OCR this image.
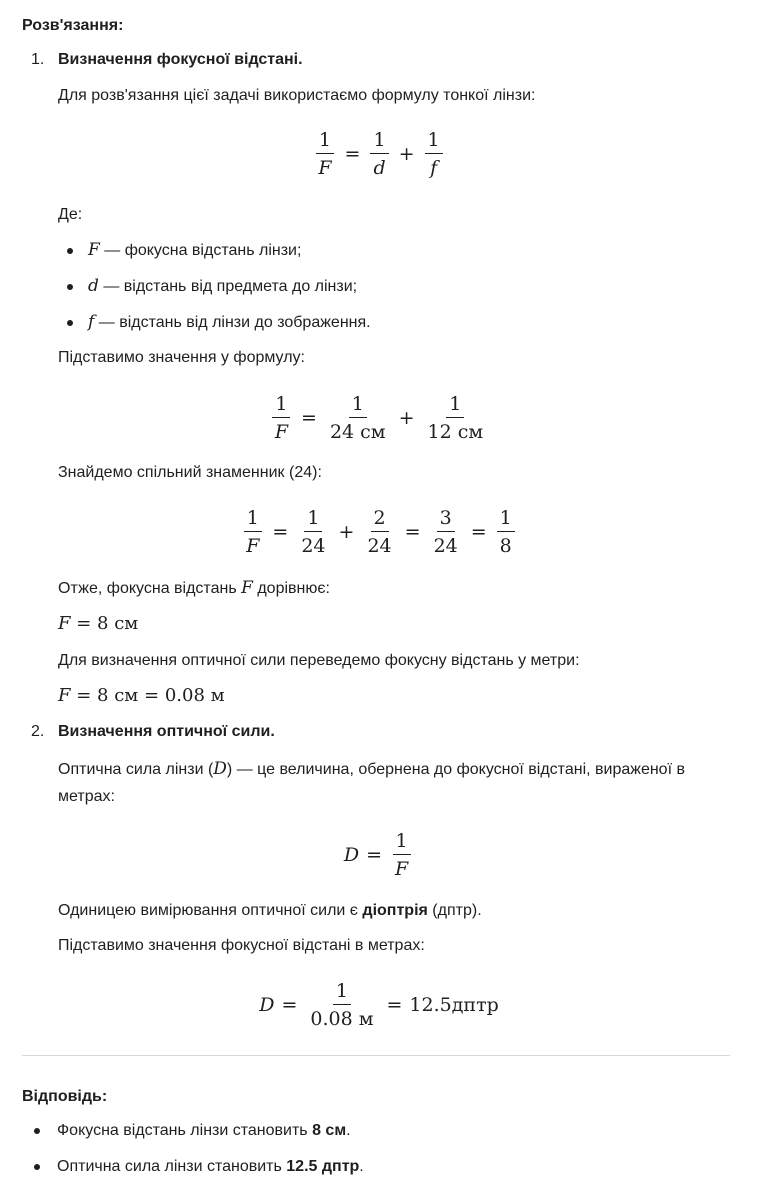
Розв'язання:
1. Визначення фокусної відстані.
Для розв'язання цієї задачі використаємо формулу тонкої лінзи:
$\frac{1}{F} = \frac{1}{d} + \frac{1}{f}$
Де:
F — фокусна відстань лінзи;
d — відстань від предмета до лінзи;
f — відстань від лінзи до зображення.
Підставимо значення у формулу:
$\frac{1}{F} = \frac{1}{24 см} + \frac{1}{12 см}$
Знайдемо спільний знаменник (24):
$\frac{1}{F} = \frac{1}{24} + \frac{2}{24} = \frac{3}{24} = \frac{1}{8}$
Отже, фокусна відстань F дорівнює:
F = 8 см
Для визначення оптичної сили переведемо фокусну відстань у метри:
F = 8 см = 0.08 м
2. Визначення оптичної сили.
Оптична сила лінзи (D) — це величина, обернена до фокусної відстані, вираженої в
метрах:
$D = \frac{1}{F}$
Одиницею вимірювання оптичної сили є діоптрія (дптр).
Підставимо значення фокусної відстані в метрах:
$D = \frac{1}{0.08 м} = 12.5$ дптр
Відповідь:
Фокусна відстань лінзи становить 8 см.
Оптична сила лінзи становить 12.5 дптр.
